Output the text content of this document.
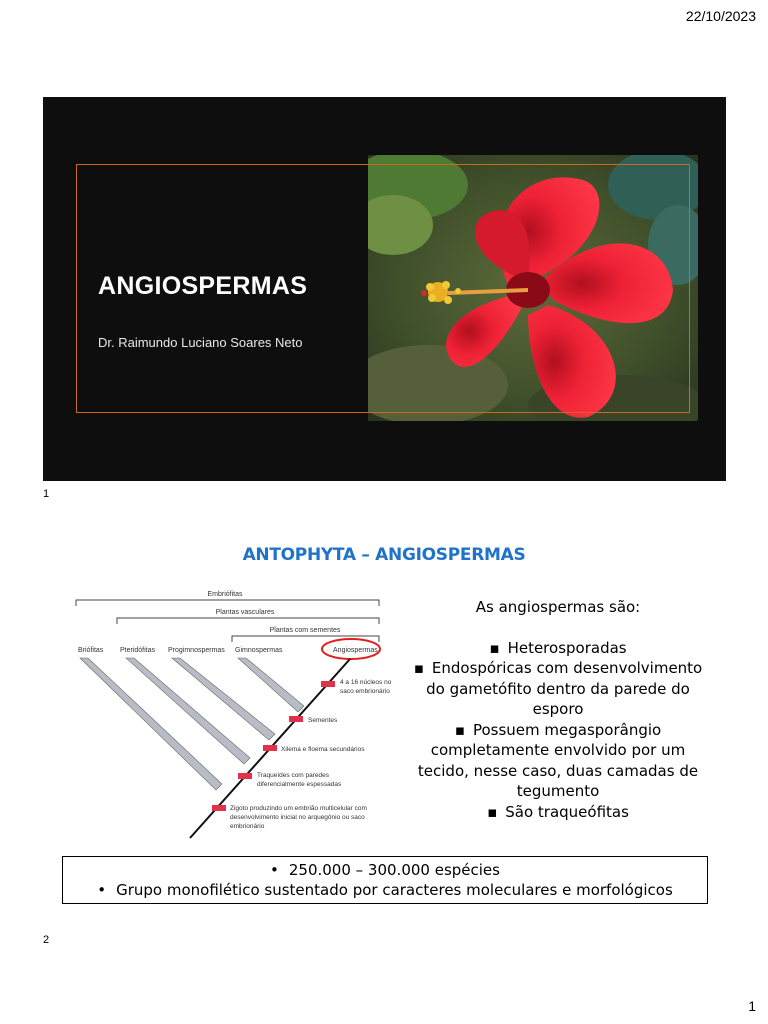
22/10/2023
ANGIOSPERMAS
Dr. Raimundo Luciano Soares Neto
1
ANTOPHYTA – ANGIOSPERMAS
Embriófitas
Plantas vasculares
Plantas com sementes
Briófitas Pteridófitas Progimnospermas Gimnospermas	Angiospermas
4 a 16 núcleos no saco embrionário
Sementes
Xilema e floema secundários
Traqueídes com paredes diferencialmente espessadas
Zigoto produzindo um embrião multicelular com desenvolvimento inicial no arquegônio ou saco embrionário
As angiospermas são:
▪ Heterosporadas
▪ Endospóricas com desenvolvimento do gametófito dentro da parede do esporo
▪ Possuem megasporângio completamente envolvido por um tecido, nesse caso, duas camadas de tegumento
▪ São traqueófitas
• 250.000 – 300.000 espécies
• Grupo monofilético sustentado por caracteres moleculares e morfológicos
2
1
